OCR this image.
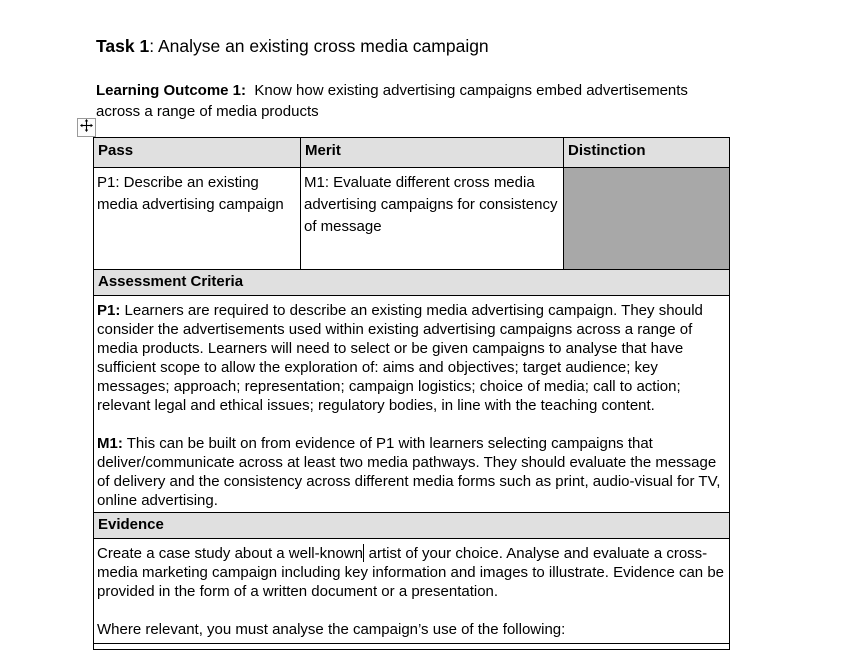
Task 1: Analyse an existing cross media campaign

Learning Outcome 1:  Know how existing advertising campaigns embed advertisements across a range of media products

Pass	Merit	Distinction
P1: Describe an existing media advertising campaign	M1: Evaluate different cross media advertising campaigns for consistency of message	
Assessment Criteria		

P1: Learners are required to describe an existing media advertising campaign. They should consider the advertisements used within existing advertising campaigns across a range of media products. Learners will need to select or be given campaigns to analyse that have sufficient scope to allow the exploration of: aims and objectives; target audience; key messages; approach; representation; campaign logistics; choice of media; call to action; relevant legal and ethical issues; regulatory bodies, in line with the teaching content.

M1: This can be built on from evidence of P1 with learners selecting campaigns that deliver/communicate across at least two media pathways. They should evaluate the message of delivery and the consistency across different media forms such as print, audio-visual for TV, online advertising.		

Evidence		

Create a case study about a well-known artist of your choice. Analyse and evaluate a cross-media marketing campaign including key information and images to illustrate. Evidence can be provided in the form of a written document or a presentation.

Where relevant, you must analyse the campaign’s use of the following:		
